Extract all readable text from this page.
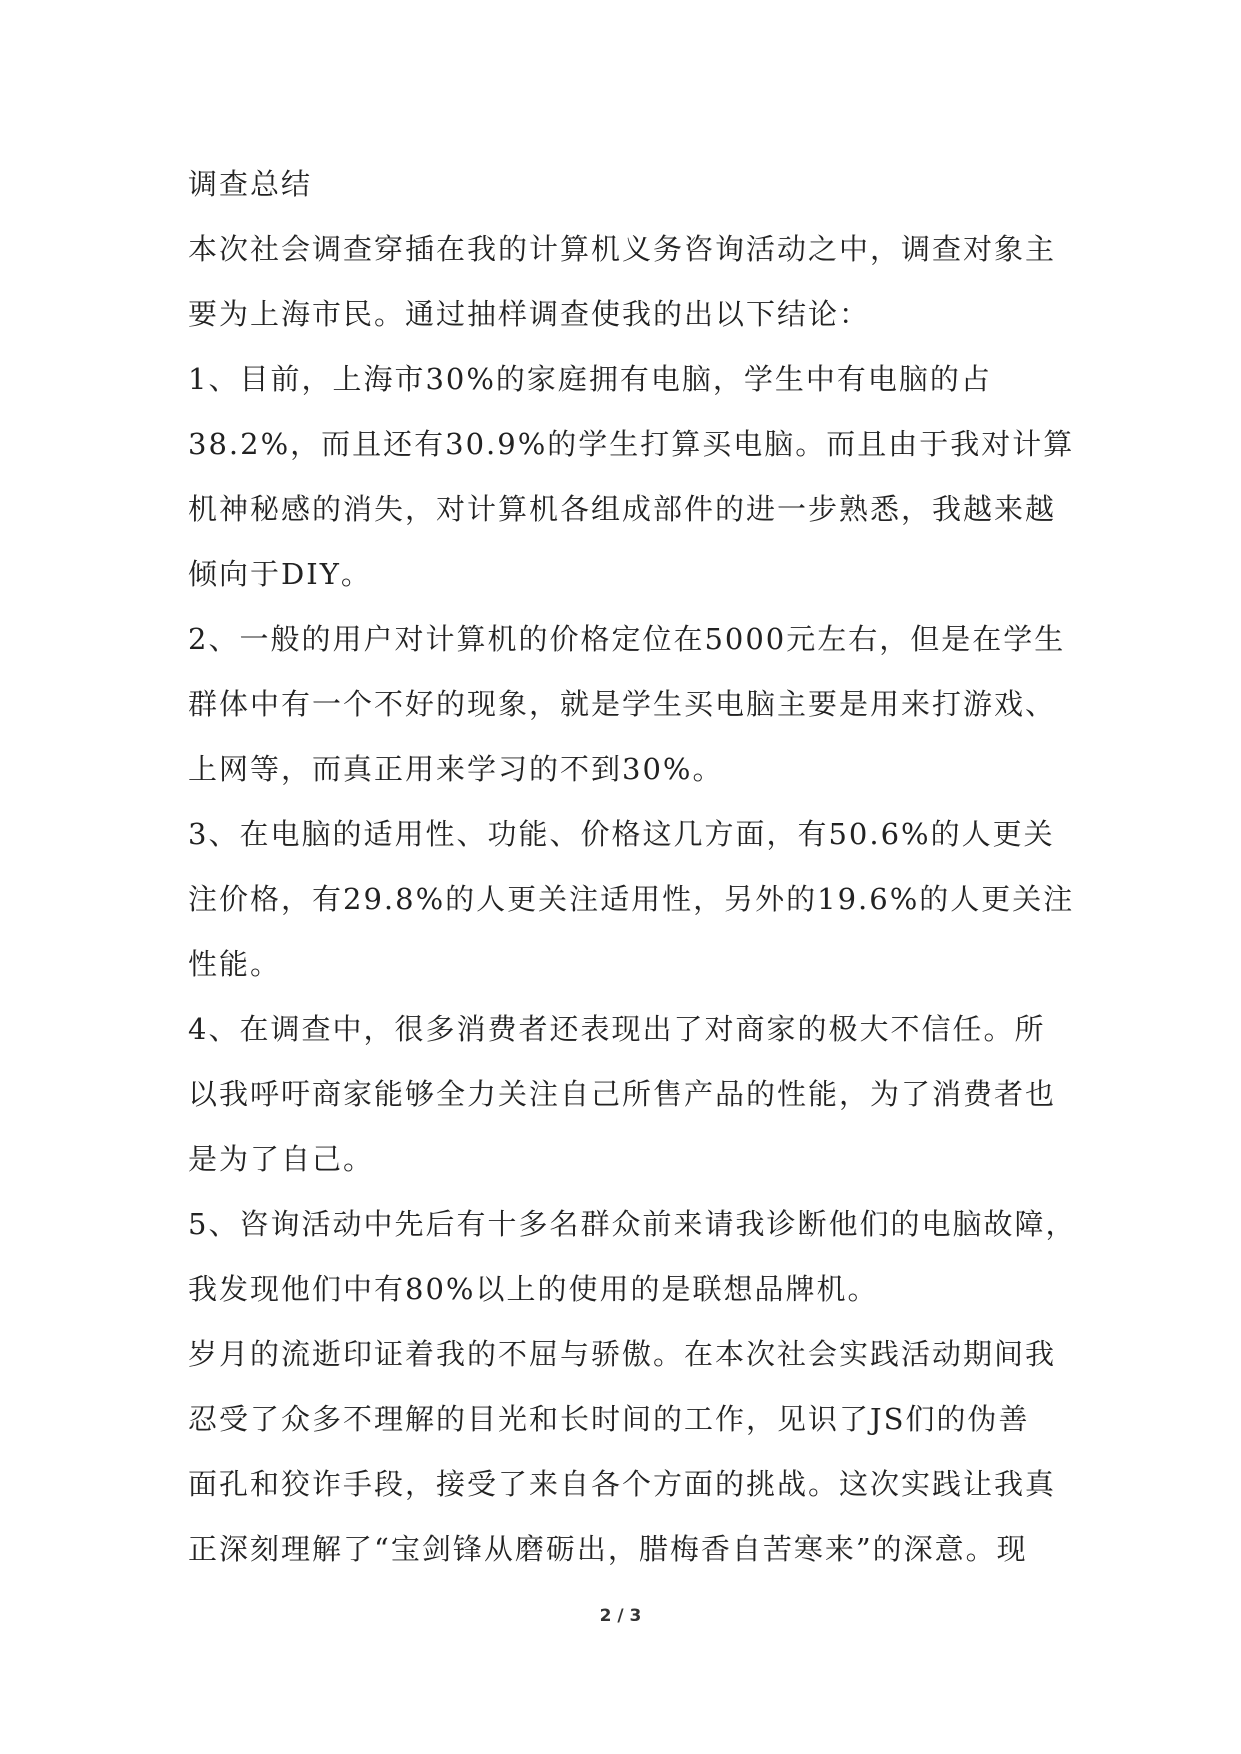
调查总结
本次社会调查穿插在我的计算机义务咨询活动之中，调查对象主
要为上海市民。通过抽样调查使我的出以下结论：
1、目前，上海市30%的家庭拥有电脑，学生中有电脑的占
38.2%，而且还有30.9%的学生打算买电脑。而且由于我对计算
机神秘感的消失，对计算机各组成部件的进一步熟悉，我越来越
倾向于DIY。
2、一般的用户对计算机的价格定位在5000元左右，但是在学生
群体中有一个不好的现象，就是学生买电脑主要是用来打游戏、
上网等，而真正用来学习的不到30%。
3、在电脑的适用性、功能、价格这几方面，有50.6%的人更关
注价格，有29.8%的人更关注适用性，另外的19.6%的人更关注
性能。
4、在调查中，很多消费者还表现出了对商家的极大不信任。所
以我呼吁商家能够全力关注自己所售产品的性能，为了消费者也
是为了自己。
5、咨询活动中先后有十多名群众前来请我诊断他们的电脑故障，
我发现他们中有80%以上的使用的是联想品牌机。
岁月的流逝印证着我的不屈与骄傲。在本次社会实践活动期间我
忍受了众多不理解的目光和长时间的工作，见识了JS们的伪善
面孔和狡诈手段，接受了来自各个方面的挑战。这次实践让我真
正深刻理解了“宝剑锋从磨砺出，腊梅香自苦寒来”的深意。现
2 / 3
